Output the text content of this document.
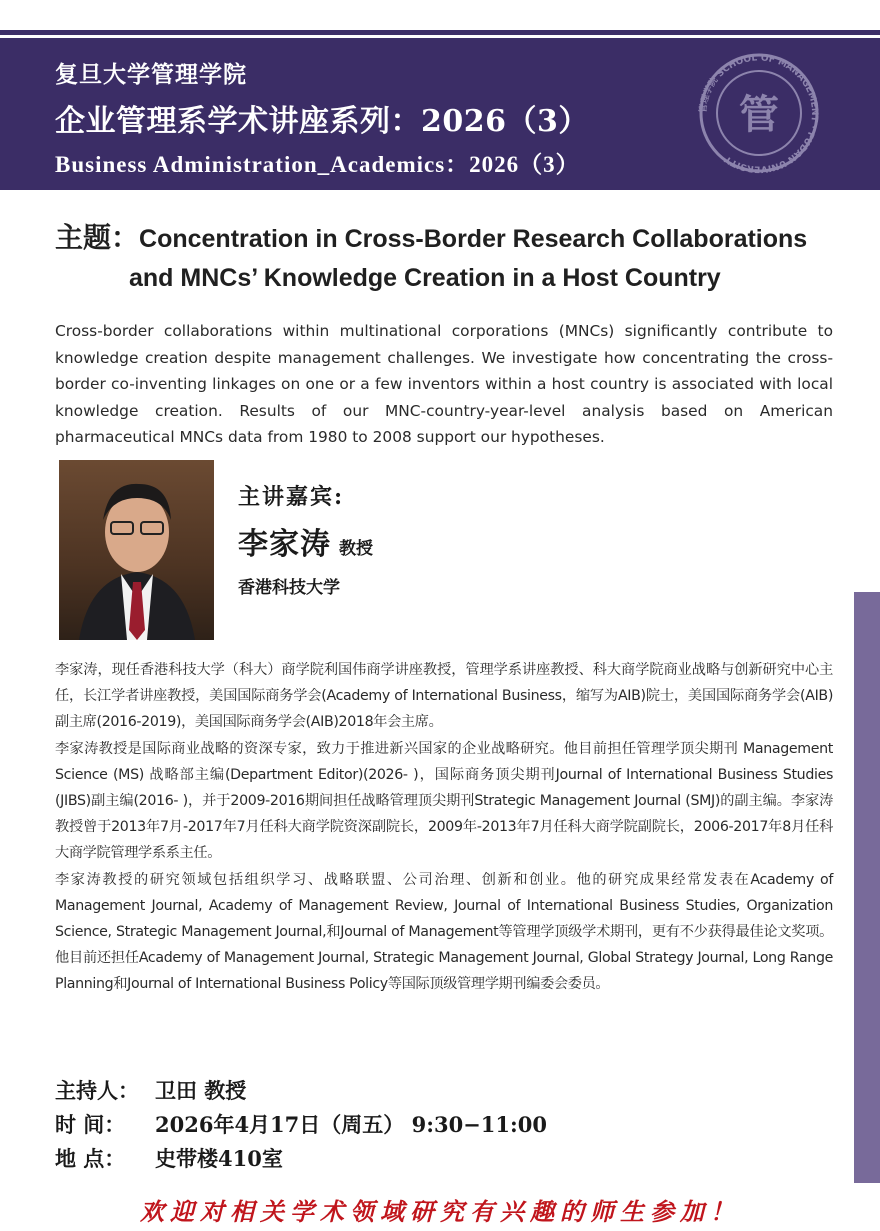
复旦大学管理学院
企业管理系学术讲座系列：2026（3）
Business Administration_Academics：2026（3）
管理学院 SCHOOL OF MANAGEMENT · FUDAN UNIVERSITY
管
主题：Concentration in Cross-Border Research Collaborations
and MNCs’ Knowledge Creation in a Host Country
Cross-border collaborations within multinational corporations (MNCs) significantly contribute to knowledge creation despite management challenges. We investigate how concentrating the cross-border co-inventing linkages on one or a few inventors within a host country is associated with local knowledge creation. Results of our MNC-country-year-level analysis based on American pharmaceutical MNCs data from 1980 to 2008 support our hypotheses.
主讲嘉宾:
李家涛 教授
香港科技大学

李家涛，现任香港科技大学（科大）商学院利国伟商学讲座教授，管理学系讲座教授、科大商学院商业战略与创新研究中心主任，长江学者讲座教授，美国国际商务学会(Academy of International Business，缩写为AIB)院士，美国国际商务学会(AIB)副主席(2016-2019)，美国国际商务学会(AIB)2018年会主席。

李家涛教授是国际商业战略的资深专家，致力于推进新兴国家的企业战略研究。他目前担任管理学顶尖期刊 Management Science (MS) 战略部主编(Department Editor)(2026- )，国际商务顶尖期刊Journal of International Business Studies (JIBS)副主编(2016- )，并于2009-2016期间担任战略管理顶尖期刊Strategic Management Journal (SMJ)的副主编。李家涛教授曾于2013年7月-2017年7月任科大商学院资深副院长，2009年-2013年7月任科大商学院副院长，2006-2017年8月任科大商学院管理学系系主任。

李家涛教授的研究领域包括组织学习、战略联盟、公司治理、创新和创业。他的研究成果经常发表在Academy of Management Journal, Academy of Management Review, Journal of International Business Studies, Organization Science, Strategic Management Journal,和Journal of Management等管理学顶级学术期刊，更有不少获得最佳论文奖项。他目前还担任Academy of Management Journal, Strategic Management Journal, Global Strategy Journal, Long Range Planning和Journal of International Business Policy等国际顶级管理学期刊编委会委员。

主持人： 卫田 教授
时 间： 2026年4月17日（周五） 9:30−11:00
地 点： 史带楼410室
欢迎对相关学术领域研究有兴趣的师生参加！
